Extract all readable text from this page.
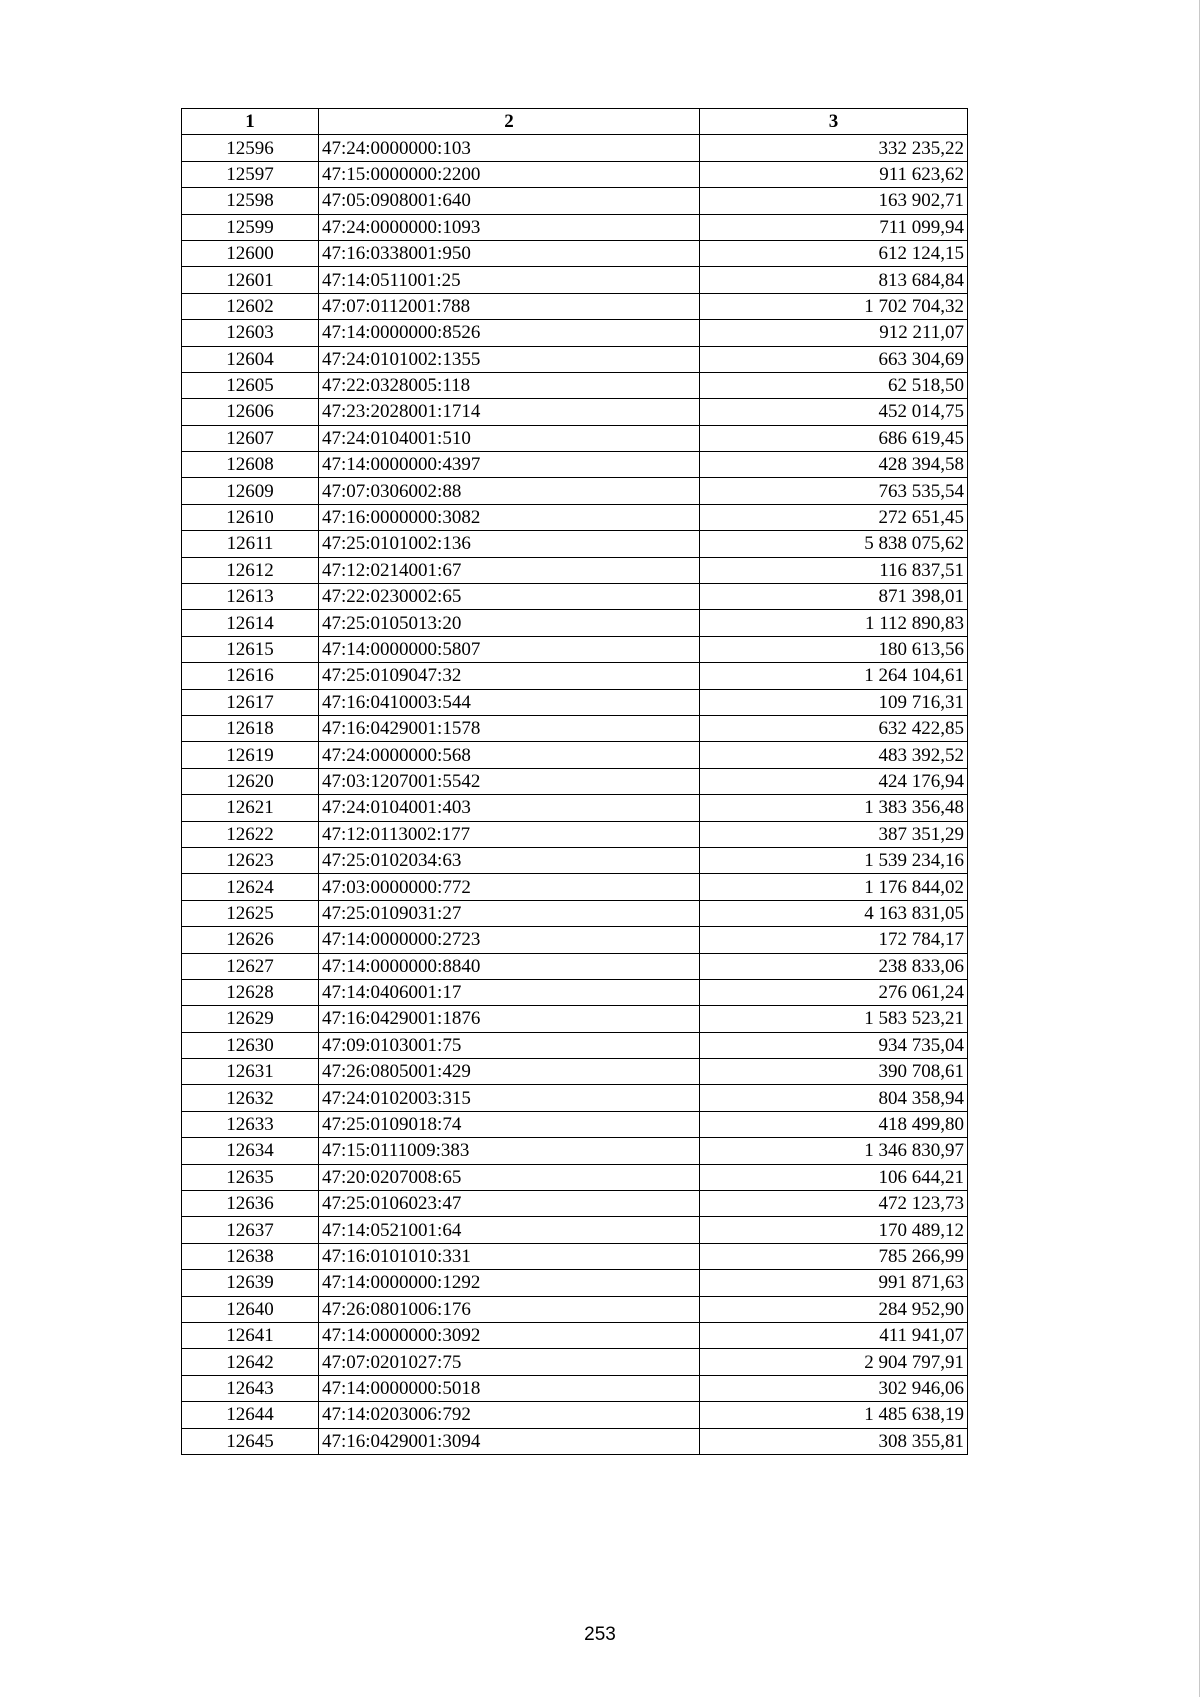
1	2	3
12596	47:24:0000000:103	332 235,22
12597	47:15:0000000:2200	911 623,62
12598	47:05:0908001:640	163 902,71
12599	47:24:0000000:1093	711 099,94
12600	47:16:0338001:950	612 124,15
12601	47:14:0511001:25	813 684,84
12602	47:07:0112001:788	1 702 704,32
12603	47:14:0000000:8526	912 211,07
12604	47:24:0101002:1355	663 304,69
12605	47:22:0328005:118	62 518,50
12606	47:23:2028001:1714	452 014,75
12607	47:24:0104001:510	686 619,45
12608	47:14:0000000:4397	428 394,58
12609	47:07:0306002:88	763 535,54
12610	47:16:0000000:3082	272 651,45
12611	47:25:0101002:136	5 838 075,62
12612	47:12:0214001:67	116 837,51
12613	47:22:0230002:65	871 398,01
12614	47:25:0105013:20	1 112 890,83
12615	47:14:0000000:5807	180 613,56
12616	47:25:0109047:32	1 264 104,61
12617	47:16:0410003:544	109 716,31
12618	47:16:0429001:1578	632 422,85
12619	47:24:0000000:568	483 392,52
12620	47:03:1207001:5542	424 176,94
12621	47:24:0104001:403	1 383 356,48
12622	47:12:0113002:177	387 351,29
12623	47:25:0102034:63	1 539 234,16
12624	47:03:0000000:772	1 176 844,02
12625	47:25:0109031:27	4 163 831,05
12626	47:14:0000000:2723	172 784,17
12627	47:14:0000000:8840	238 833,06
12628	47:14:0406001:17	276 061,24
12629	47:16:0429001:1876	1 583 523,21
12630	47:09:0103001:75	934 735,04
12631	47:26:0805001:429	390 708,61
12632	47:24:0102003:315	804 358,94
12633	47:25:0109018:74	418 499,80
12634	47:15:0111009:383	1 346 830,97
12635	47:20:0207008:65	106 644,21
12636	47:25:0106023:47	472 123,73
12637	47:14:0521001:64	170 489,12
12638	47:16:0101010:331	785 266,99
12639	47:14:0000000:1292	991 871,63
12640	47:26:0801006:176	284 952,90
12641	47:14:0000000:3092	411 941,07
12642	47:07:0201027:75	2 904 797,91
12643	47:14:0000000:5018	302 946,06
12644	47:14:0203006:792	1 485 638,19
12645	47:16:0429001:3094	308 355,81
253
